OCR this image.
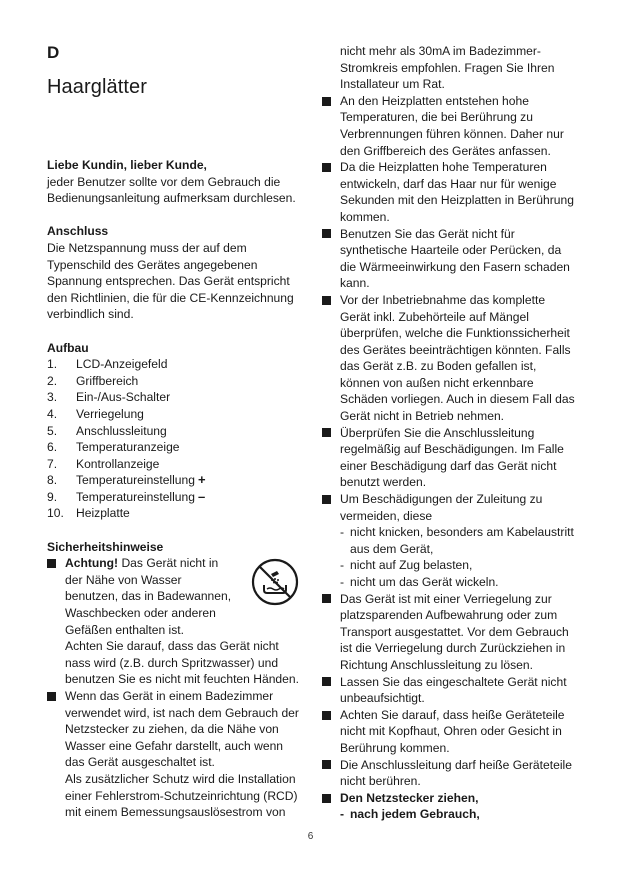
D
Haarglätter
Liebe Kundin, lieber Kunde,
jeder Benutzer sollte vor dem Gebrauch die Bedienungsanleitung aufmerksam durchlesen.
Anschluss
Die Netzspannung muss der auf dem Typenschild des Gerätes angegebenen Spannung entsprechen. Das Gerät entspricht den Richtlinien, die für die CE-Kennzeichnung verbindlich sind.
Aufbau
1.	LCD-Anzeigefeld
2.	Griffbereich
3.	Ein-/Aus-Schalter
4.	Verriegelung
5.	Anschlussleitung
6.	Temperaturanzeige
7.	Kontrollanzeige
8.	Temperatureinstellung +
9.	Temperatureinstellung –
10.	Heizplatte
Sicherheitshinweise
Achtung! Das Gerät nicht in
der Nähe von Wasser
benutzen, das in Badewannen,
Waschbecken oder anderen
Gefäßen enthalten ist.
Achten Sie darauf, dass das Gerät nicht nass wird (z.B. durch Spritzwasser) und benutzen Sie es nicht mit feuchten Händen.
Wenn das Gerät in einem Badezimmer verwendet wird, ist nach dem Gebrauch der Netzstecker zu ziehen, da die Nähe von Wasser eine Gefahr darstellt, auch wenn das Gerät ausgeschaltet ist.
Als zusätzlicher Schutz wird die Installation einer Fehlerstrom-Schutzeinrichtung (RCD) mit einem Bemessungsauslösestrom von
nicht mehr als 30mA im Badezimmer-Stromkreis empfohlen. Fragen Sie Ihren Installateur um Rat.
An den Heizplatten entstehen hohe Temperaturen, die bei Berührung zu Verbrennungen führen können. Daher nur den Griffbereich des Gerätes anfassen.
Da die Heizplatten hohe Temperaturen entwickeln, darf das Haar nur für wenige Sekunden mit den Heizplatten in Berührung kommen.
Benutzen Sie das Gerät nicht für synthetische Haarteile oder Perücken, da die Wärmeeinwirkung den Fasern schaden kann.
Vor der Inbetriebnahme das komplette Gerät inkl. Zubehörteile auf Mängel überprüfen, welche die Funktionssicherheit des Gerätes beeinträchtigen könnten. Falls das Gerät z.B. zu Boden gefallen ist, können von außen nicht erkennbare Schäden vorliegen. Auch in diesem Fall das Gerät nicht in Betrieb nehmen.
Überprüfen Sie die Anschlussleitung regelmäßig auf Beschädigungen. Im Falle einer Beschädigung darf das Gerät nicht benutzt werden.
Um Beschädigungen der Zuleitung zu vermeiden, diese
- nicht knicken, besonders am Kabelaustritt aus dem Gerät,
- nicht auf Zug belasten,
- nicht um das Gerät wickeln.
Das Gerät ist mit einer Verriegelung zur platzsparenden Aufbewahrung oder zum Transport ausgestattet. Vor dem Gebrauch ist die Verriegelung durch Zurückziehen in Richtung Anschlussleitung zu lösen.
Lassen Sie das eingeschaltete Gerät nicht unbeaufsichtigt.
Achten Sie darauf, dass heiße Geräteteile nicht mit Kopfhaut, Ohren oder Gesicht in Berührung kommen.
Die Anschlussleitung darf heiße Geräteteile nicht berühren.
Den Netzstecker ziehen,
- nach jedem Gebrauch,
6
